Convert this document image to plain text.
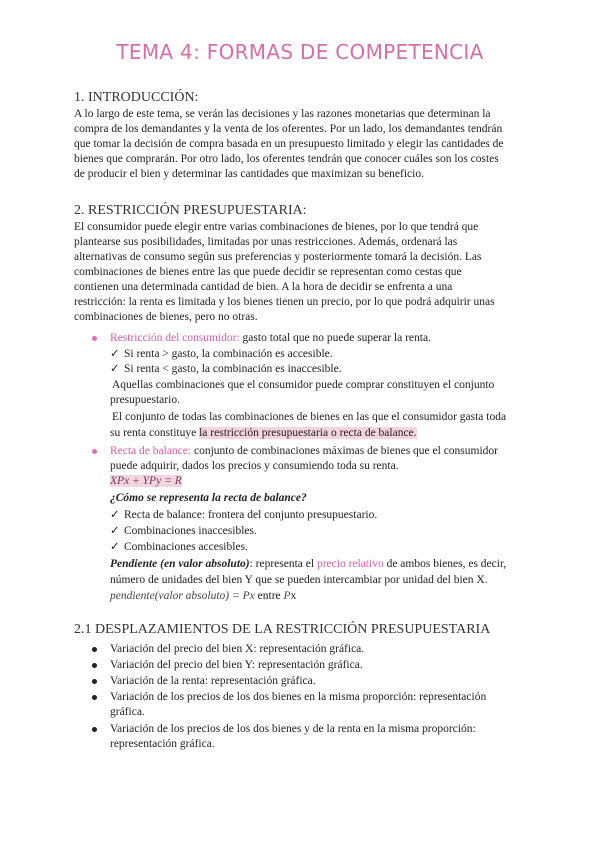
TEMA 4: FORMAS DE COMPETENCIA
1. INTRODUCCIÓN:
A lo largo de este tema, se verán las decisiones y las razones monetarias que determinan la
compra de los demandantes y la venta de los oferentes. Por un lado, los demandantes tendrán
que tomar la decisión de compra basada en un presupuesto limitado y elegir las cantidades de
bienes que comprarán. Por otro lado, los oferentes tendrán que conocer cuáles son los costes
de producir el bien y determinar las cantidades que maximizan su beneficio.
2. RESTRICCIÓN PRESUPUESTARIA:
El consumidor puede elegir entre varias combinaciones de bienes, por lo que tendrá que
plantearse sus posibilidades, limitadas por unas restricciones. Además, ordenará las
alternativas de consumo según sus preferencias y posteriormente tomará la decisión. Las
combinaciones de bienes entre las que puede decidir se representan como cestas que
contienen una determinada cantidad de bien. A la hora de decidir se enfrenta a una
restricción: la renta es limitada y los bienes tienen un precio, por lo que podrá adquirir unas
combinaciones de bienes, pero no otras.
Restricción del consumidor: gasto total que no puede superar la renta.
✓ Si renta > gasto, la combinación es accesible.
✓ Si renta < gasto, la combinación es inaccesible.
Aquellas combinaciones que el consumidor puede comprar constituyen el conjunto
presupuestario.
El conjunto de todas las combinaciones de bienes en las que el consumidor gasta toda
su renta constituye la restricción presupuestaria o recta de balance.
Recta de balance: conjunto de combinaciones máximas de bienes que el consumidor
puede adquirir, dados los precios y consumiendo toda su renta.
XPx + YPy = R
¿Cómo se representa la recta de balance?
✓ Recta de balance: frontera del conjunto presupuestario.
✓ Combinaciones inaccesibles.
✓ Combinaciones accesibles.
Pendiente (en valor absoluto): representa el precio relativo de ambos bienes, es decir,
número de unidades del bien Y que se pueden intercambiar por unidad del bien X.
pendiente(valor absoluto) = Px entre Px
2.1 DESPLAZAMIENTOS DE LA RESTRICCIÓN PRESUPUESTARIA
Variación del precio del bien X: representación gráfica.
Variación del precio del bien Y: representación gráfica.
Variación de la renta: representación gráfica.
Variación de los precios de los dos bienes en la misma proporción: representación
gráfica.
Variación de los precios de los dos bienes y de la renta en la misma proporción:
representación gráfica.
